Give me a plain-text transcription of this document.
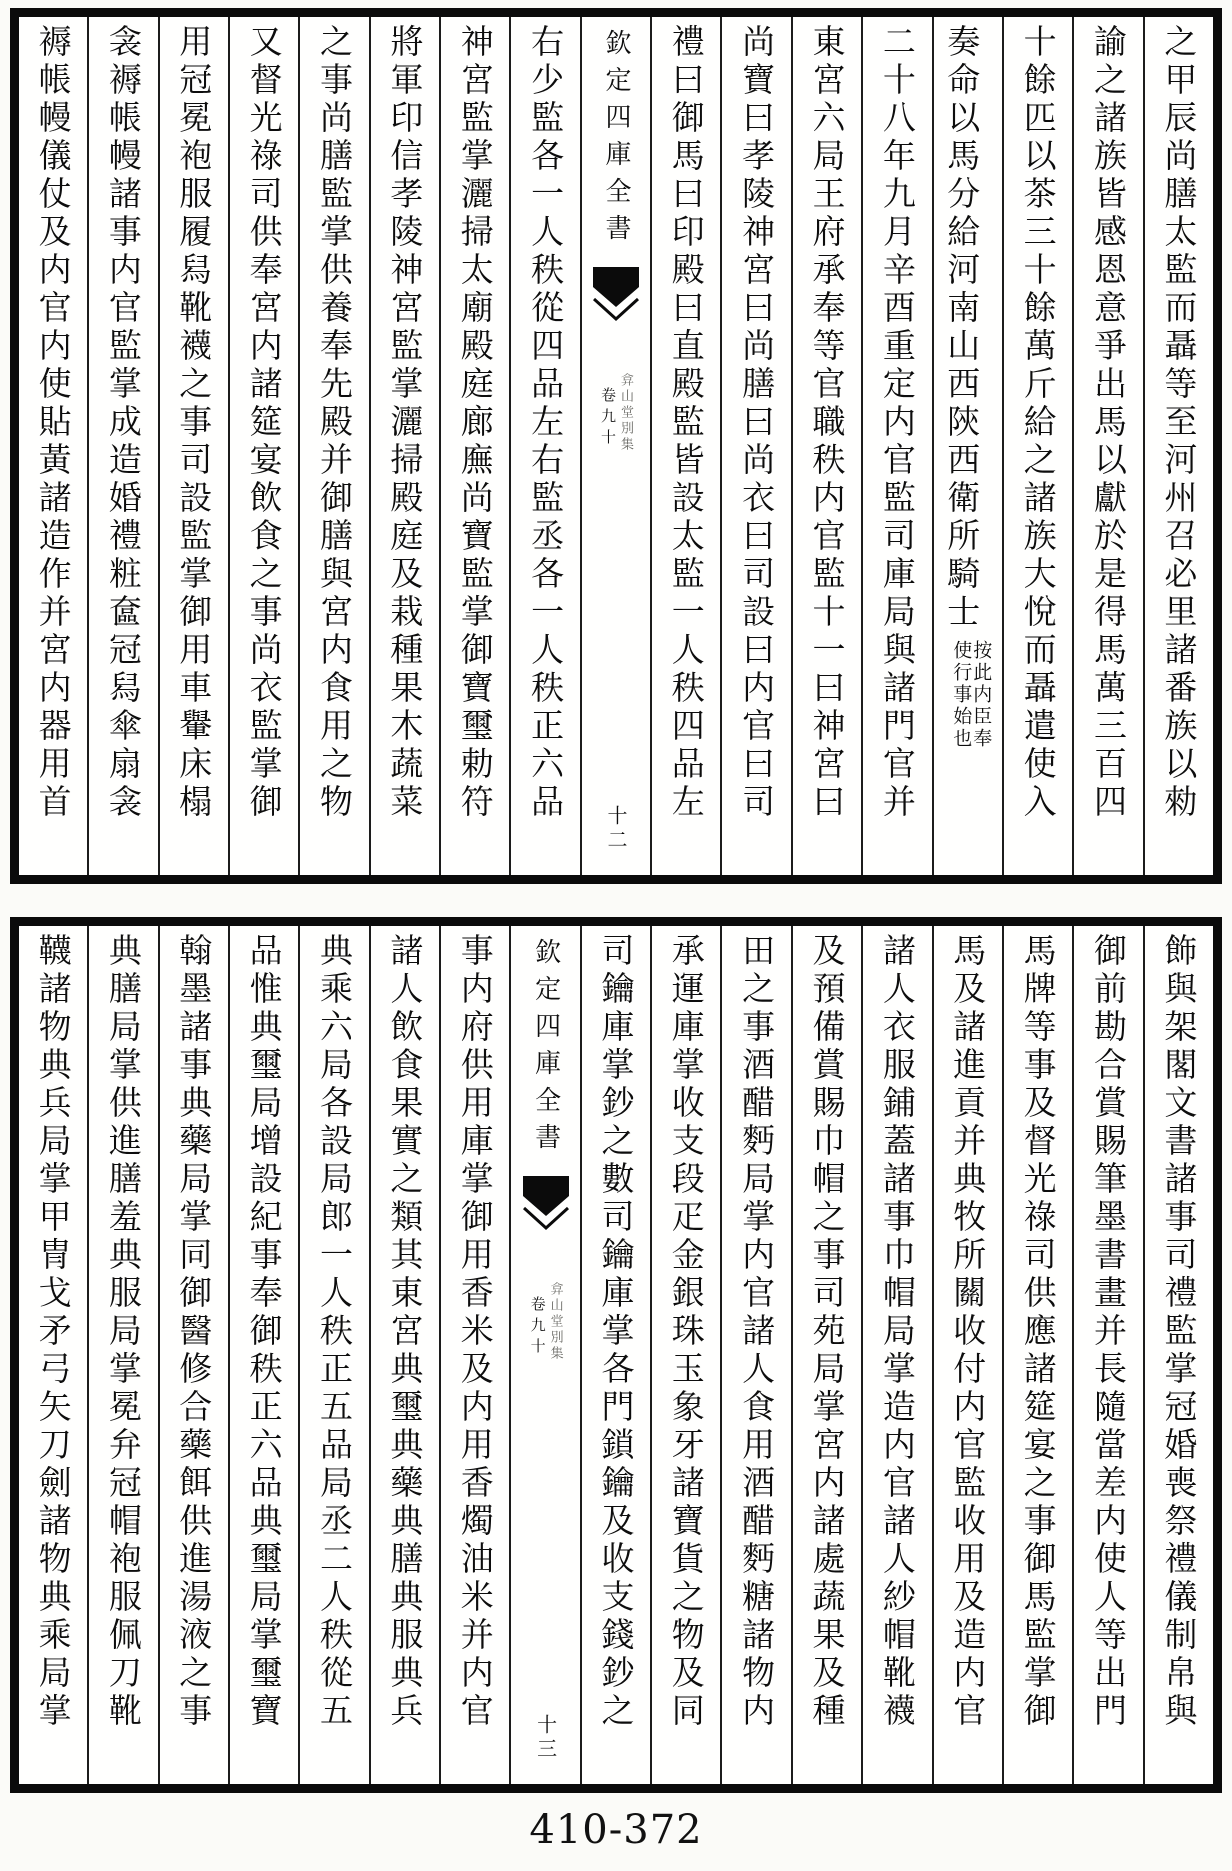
之甲辰尚膳太監而聶等至河州召必里諸番族以勑
諭之諸族皆感恩意爭出馬以獻於是得馬萬三百四
十餘匹以茶三十餘萬斤給之諸族大悅而聶遣使入
奏命以馬分給河南山西陝西衛所騎士
按此内臣奉
使行事始也
二十八年九月辛酉重定内官監司庫局與諸門官并
東宮六局王府承奉等官職秩内官監十一曰神宮曰
尚寶曰孝陵神宮曰尚膳曰尚衣曰司設曰内官曰司
禮曰御馬曰印殿曰直殿監皆設太監一人秩四品左
欽定四庫全書
弇山堂別集
卷九十
十二
右少監各一人秩從四品左右監丞各一人秩正六品
神宮監掌灑掃太廟殿庭廊廡尚寶監掌御寶璽勅符
將軍印信孝陵神宮監掌灑掃殿庭及栽種果木蔬菜
之事尚膳監掌供養奉先殿并御膳與宮内食用之物
又督光祿司供奉宮内諸筵宴飲食之事尚衣監掌御
用冠冕袍服履舄靴襪之事司設監掌御用車轝床榻
衾褥帳幔諸事内官監掌成造婚禮粧奩冠舄傘扇衾
褥帳幔儀仗及内官内使貼黃諸造作并宮内器用首
飾與架閣文書諸事司禮監掌冠婚喪祭禮儀制帛與
御前勘合賞賜筆墨書畫并長隨當差内使人等出門
馬牌等事及督光祿司供應諸筵宴之事御馬監掌御
馬及諸進貢并典牧所關收付内官監收用及造内官
諸人衣服鋪蓋諸事巾帽局掌造内官諸人紗帽靴襪
及預備賞賜巾帽之事司苑局掌宮内諸處蔬果及種
田之事酒醋麪局掌内官諸人食用酒醋麪糖諸物内
承運庫掌收支段疋金銀珠玉象牙諸寶貨之物及同
司鑰庫掌鈔之數司鑰庫掌各門鎖鑰及收支錢鈔之
欽定四庫全書
弇山堂別集
卷九十
十三
事内府供用庫掌御用香米及内用香燭油米并内官
諸人飲食果實之類其東宮典璽典藥典膳典服典兵
典乘六局各設局郎一人秩正五品局丞二人秩從五
品惟典璽局增設紀事奉御秩正六品典璽局掌璽寶
翰墨諸事典藥局掌同御醫修合藥餌供進湯液之事
典膳局掌供進膳羞典服局掌冕弁冠帽袍服佩刀靴
韈諸物典兵局掌甲冑戈矛弓矢刀劍諸物典乘局掌
410-372
